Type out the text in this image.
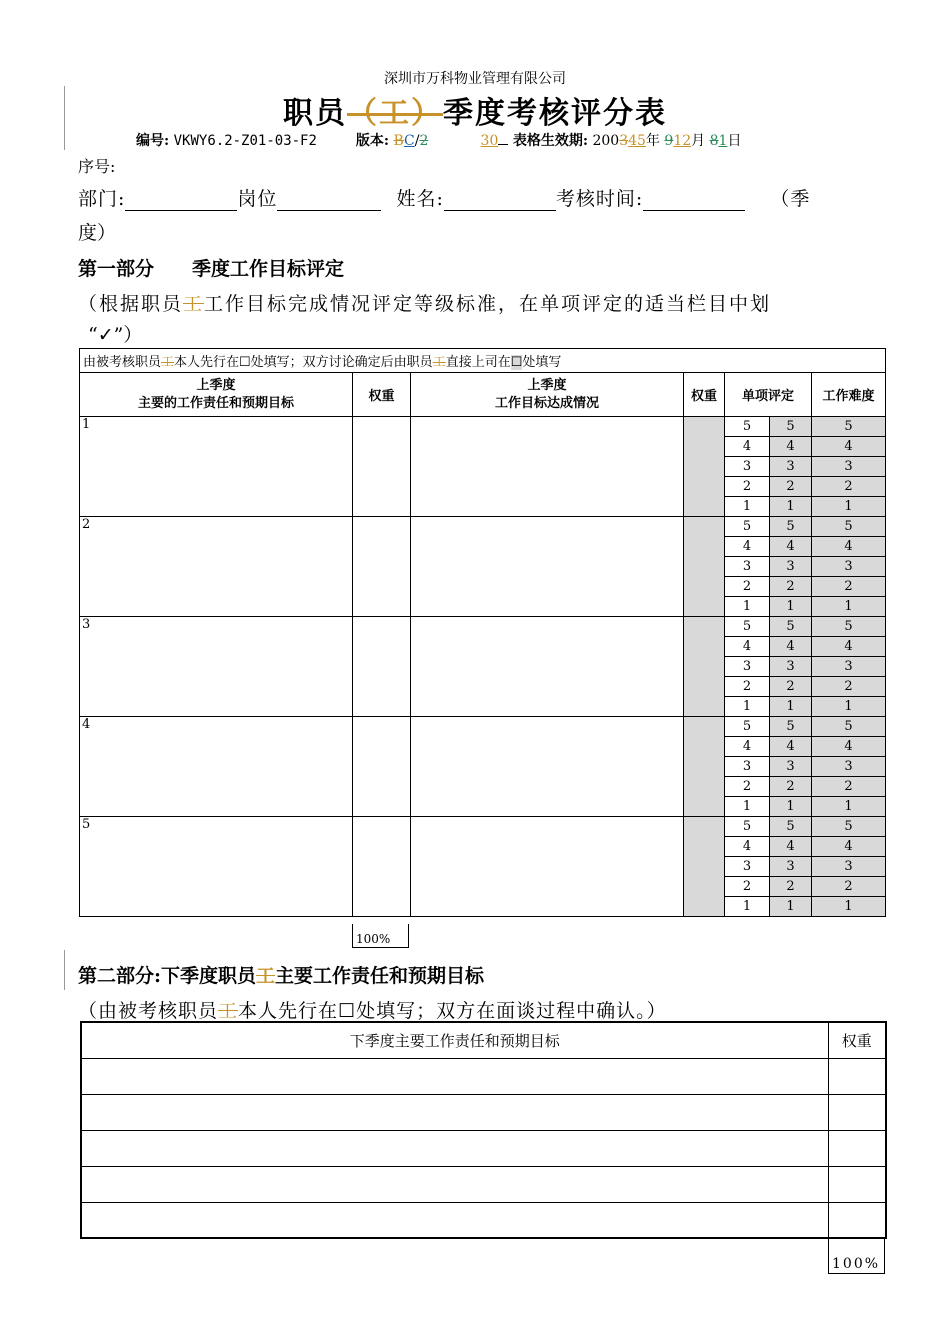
深圳市万科物业管理有限公司
职员（工）季度考核评分表
编号: VKWY6.2-Z01-03-F2	版本: BC/2	30 表格生效期: 200345年 912月 81日
序号:
部门:	岗位	姓名:	考核时间:	（季
度）
第一部分　　季度工作目标评定
（根据职员工工作目标完成情况评定等级标准，在单项评定的适当栏目中划
“✓”）
由被考核职员工本人先行在☐处填写；双方讨论确定后由职员工直接上司在☐处填写						
上季度
主要的工作责任和预期目标	权重	上季度
工作目标达成情况	权重	单项评定		工作难度
1				5	5	5
				4	4	4
				3	3	3
				2	2	2
				1	1	1
2				5	5	5
				4	4	4
				3	3	3
				2	2	2
				1	1	1
3				5	5	5
				4	4	4
				3	3	3
				2	2	2
				1	1	1
4				5	5	5
				4	4	4
				3	3	3
				2	2	2
				1	1	1
5				5	5	5
				4	4	4
				3	3	3
				2	2	2
				1	1	1
100%
第二部分:下季度职员工主要工作责任和预期目标
（由被考核职员工本人先行在☐处填写；双方在面谈过程中确认。）
下季度主要工作责任和预期目标	权重

100%
